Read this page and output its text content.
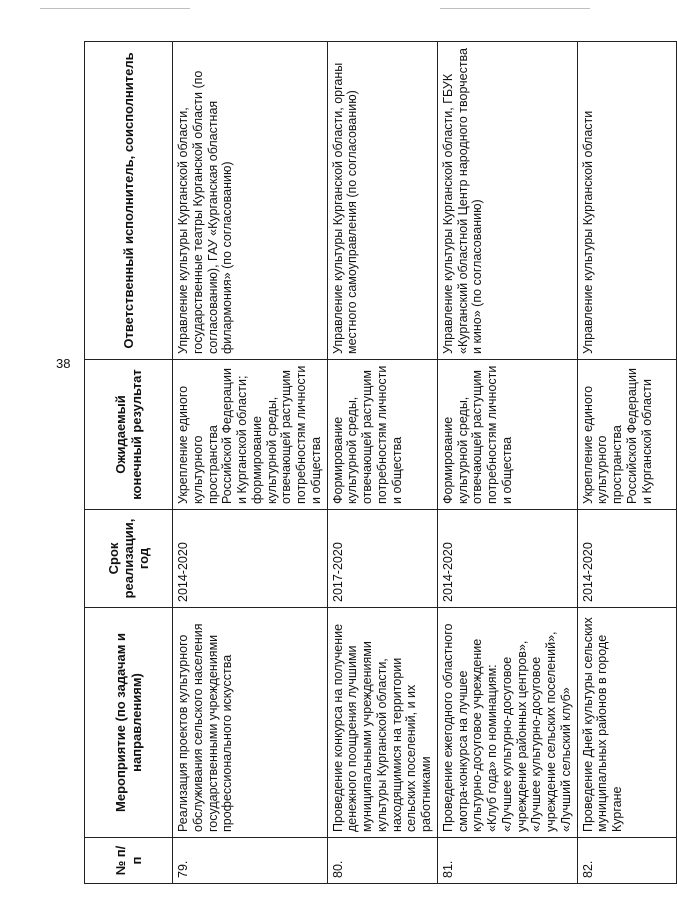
38
№ п/п	Мероприятие (по задачам и направлениям)	Срок реализации, год	Ожидаемый конечный результат	Ответственный исполнитель, соисполнитель
79.	Реализация проектов культурного обслуживания сельского населения государственными учреждениями профессионального искусства	2014-2020	Укрепление единого культурного пространства Российской Федерации и Курганской области; формирование культурной среды, отвечающей растущим потребностям личности и общества	Управление культуры Курганской области, государственные театры Курганской области (по согласованию), ГАУ «Курганская областная филармония» (по согласованию)
80.	Проведение конкурса на получение денежного поощрения лучшими муниципальными учреждениями культуры Курганской области, находящимися на территории сельских поселений, и их работниками	2017-2020	Формирование культурной среды, отвечающей растущим потребностям личности и общества	Управление культуры Курганской области, органы местного самоуправления (по согласованию)
81.	Проведение ежегодного областного смотра-конкурса на лучшее культурно-досуговое учреждение «Клуб года» по номинациям: «Лучшее культурно-досуговое учреждение районных центров», «Лучшее культурно-досуговое учреждение сельских поселений», «Лучший сельский клуб»	2014-2020	Формирование культурной среды, отвечающей растущим потребностям личности и общества	Управление культуры Курганской области, ГБУК «Курганский областной Центр народного творчества и кино» (по согласованию)
82.	Проведение Дней культуры сельских муниципальных районов в городе Кургане	2014-2020	Укрепление единого культурного пространства Российской Федерации и Курганской области	Управление культуры Курганской области
